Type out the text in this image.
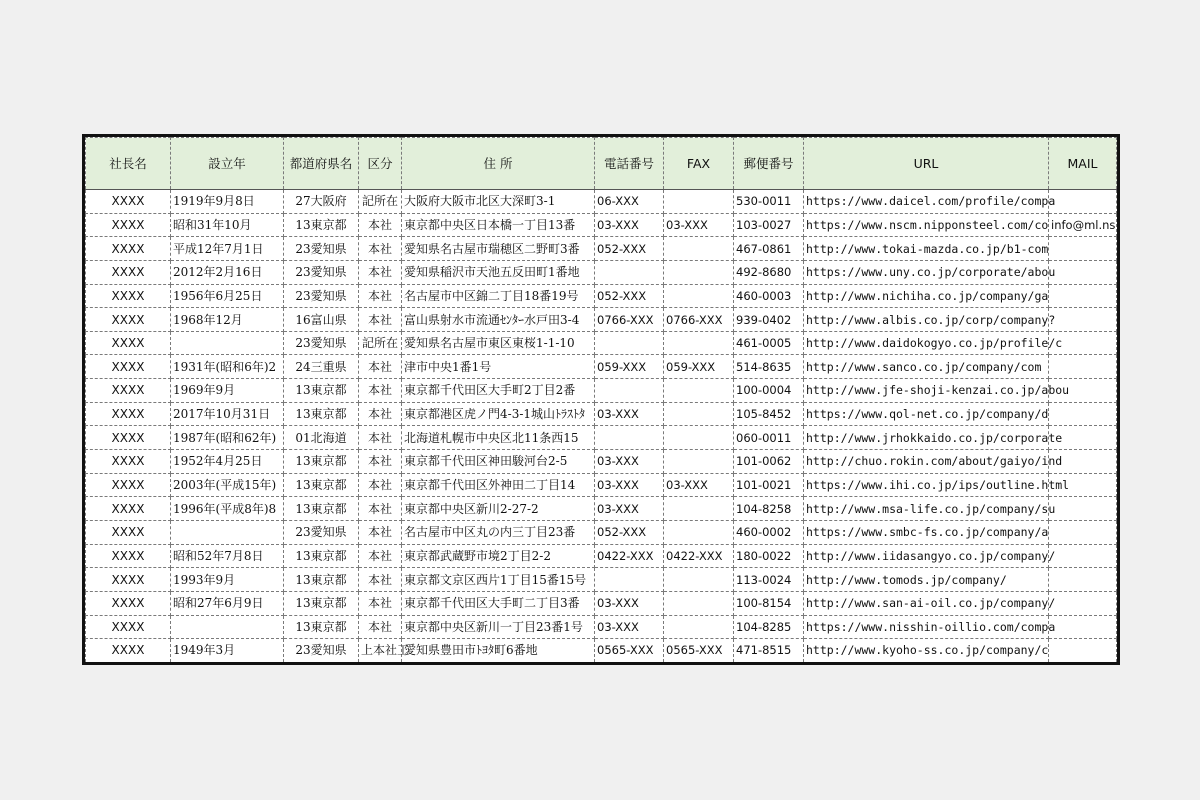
社長名	設立年	都道府県名	区分	住 所	電話番号	FAX	郵便番号	URL	MAIL
XXXX	1919年9月8日	27大阪府	記所在	大阪府大阪市北区大深町3-1	06-XXX		530-0011	https://www.daicel.com/profile/compa	
XXXX	昭和31年10月	13東京都	本社	東京都中央区日本橋一丁目13番	03-XXX	03-XXX	103-0027	https://www.nscm.nipponsteel.com/co	info@ml.ns
XXXX	平成12年7月1日	23愛知県	本社	愛知県名古屋市瑞穂区二野町3番	052-XXX		467-0861	http://www.tokai-mazda.co.jp/b1-com	
XXXX	2012年2月16日	23愛知県	本社	愛知県稲沢市天池五反田町1番地			492-8680	https://www.uny.co.jp/corporate/abou	
XXXX	1956年6月25日	23愛知県	本社	名古屋市中区錦二丁目18番19号	052-XXX		460-0003	http://www.nichiha.co.jp/company/ga	
XXXX	1968年12月	16富山県	本社	富山県射水市流通ｾﾝﾀｰ水戸田3-4	0766-XXX	0766-XXX	939-0402	http://www.albis.co.jp/corp/company?	
XXXX		23愛知県	記所在	愛知県名古屋市東区東桜1-1-10			461-0005	http://www.daidokogyo.co.jp/profile/c	
XXXX	1931年(昭和6年)2	24三重県	本社	津市中央1番1号	059-XXX	059-XXX	514-8635	http://www.sanco.co.jp/company/com	
XXXX	1969年9月	13東京都	本社	東京都千代田区大手町2丁目2番			100-0004	http://www.jfe-shoji-kenzai.co.jp/abou	
XXXX	2017年10月31日	13東京都	本社	東京都港区虎ノ門4-3-1城山ﾄﾗｽﾄﾀ	03-XXX		105-8452	https://www.qol-net.co.jp/company/d	
XXXX	1987年(昭和62年)	01北海道	本社	北海道札幌市中央区北11条西15			060-0011	http://www.jrhokkaido.co.jp/corporate	
XXXX	1952年4月25日	13東京都	本社	東京都千代田区神田駿河台2-5	03-XXX		101-0062	http://chuo.rokin.com/about/gaiyo/ind	
XXXX	2003年(平成15年)	13東京都	本社	東京都千代田区外神田二丁目14	03-XXX	03-XXX	101-0021	https://www.ihi.co.jp/ips/outline.html	
XXXX	1996年(平成8年)8	13東京都	本社	東京都中央区新川2-27-2	03-XXX		104-8258	http://www.msa-life.co.jp/company/su	
XXXX		23愛知県	本社	名古屋市中区丸の内三丁目23番	052-XXX		460-0002	https://www.smbc-fs.co.jp/company/a	
XXXX	昭和52年7月8日	13東京都	本社	東京都武蔵野市境2丁目2-2	0422-XXX	0422-XXX	180-0022	http://www.iidasangyo.co.jp/company/	
XXXX	1993年9月	13東京都	本社	東京都文京区西片1丁目15番15号			113-0024	http://www.tomods.jp/company/	
XXXX	昭和27年6月9日	13東京都	本社	東京都千代田区大手町二丁目3番	03-XXX		100-8154	http://www.san-ai-oil.co.jp/company/	
XXXX		13東京都	本社	東京都中央区新川一丁目23番1号	03-XXX		104-8285	https://www.nisshin-oillio.com/compa	
XXXX	1949年3月	23愛知県	上本社工	愛知県豊田市ﾄﾖﾀ町6番地	0565-XXX	0565-XXX	471-8515	http://www.kyoho-ss.co.jp/company/c	
